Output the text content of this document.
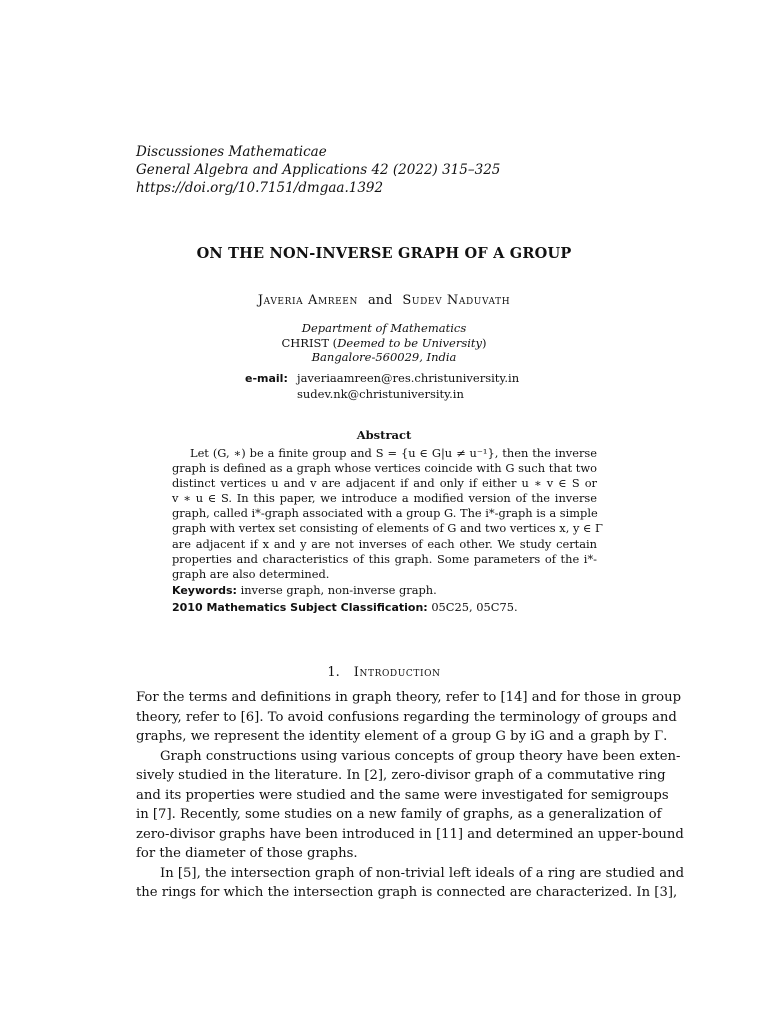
Discussiones Mathematicae
General Algebra and Applications 42 (2022) 315–325
https://doi.org/10.7151/dmgaa.1392
ON THE NON-INVERSE GRAPH OF A GROUP
Javeria Amreen and Sudev Naduvath
Department of Mathematics
CHRIST (Deemed to be University)
Bangalore-560029, India
e-mail: javeriaamreen@res.christuniversity.in
sudev.nk@christuniversity.in
Abstract
Let (G, ∗) be a finite group and S = {u ∈ G|u ≠ u⁻¹}, then the inverse
graph is defined as a graph whose vertices coincide with G such that two
distinct vertices u and v are adjacent if and only if either u ∗ v ∈ S or
v ∗ u ∈ S. In this paper, we introduce a modified version of the inverse
graph, called i*-graph associated with a group G. The i*-graph is a simple
graph with vertex set consisting of elements of G and two vertices x, y ∈ Γ
are adjacent if x and y are not inverses of each other. We study certain
properties and characteristics of this graph. Some parameters of the i*-
graph are also determined.
Keywords: inverse graph, non-inverse graph.
2010 Mathematics Subject Classification: 05C25, 05C75.
1. Introduction
For the terms and definitions in graph theory, refer to [14] and for those in group
theory, refer to [6]. To avoid confusions regarding the terminology of groups and
graphs, we represent the identity element of a group G by iG and a graph by Γ.
Graph constructions using various concepts of group theory have been exten-
sively studied in the literature. In [2], zero-divisor graph of a commutative ring
and its properties were studied and the same were investigated for semigroups
in [7]. Recently, some studies on a new family of graphs, as a generalization of
zero-divisor graphs have been introduced in [11] and determined an upper-bound
for the diameter of those graphs.
In [5], the intersection graph of non-trivial left ideals of a ring are studied and
the rings for which the intersection graph is connected are characterized. In [3],
